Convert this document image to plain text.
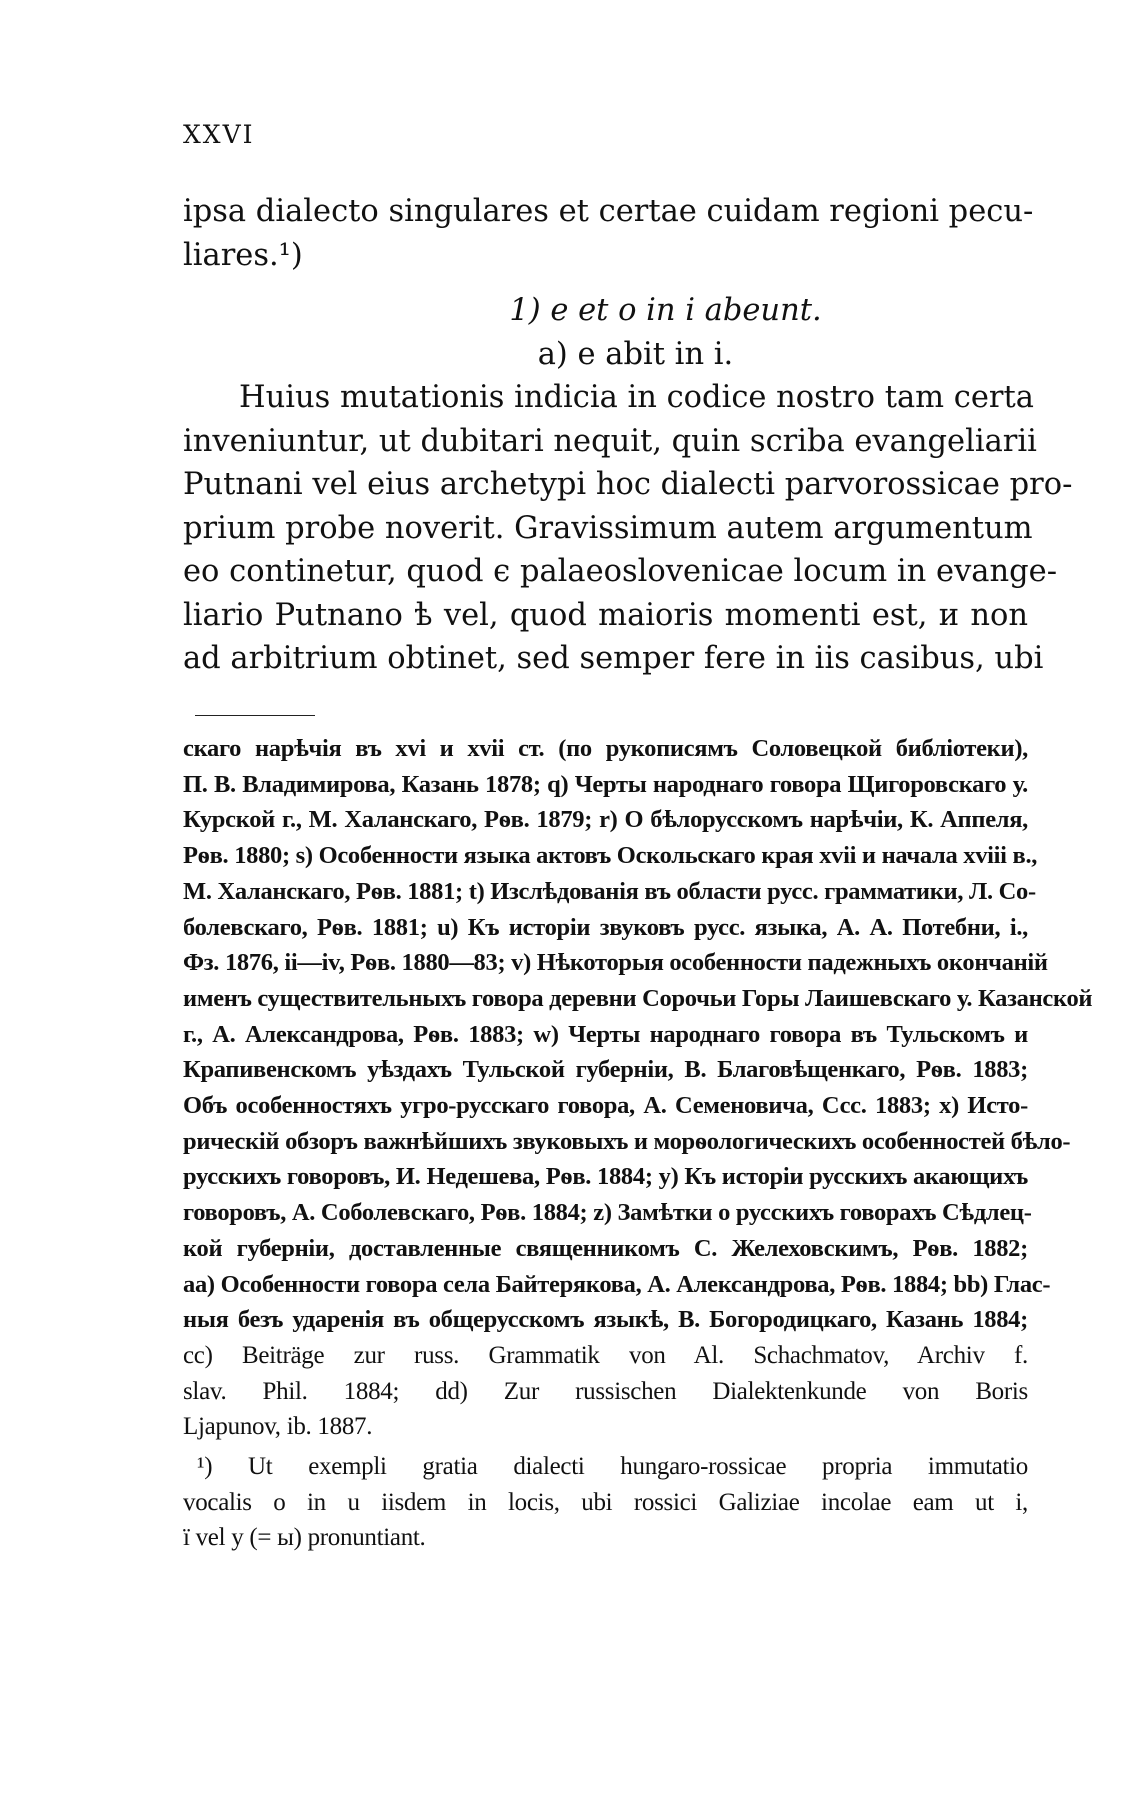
XXVI
ipsa dialecto singulares et certae cuidam regioni pecu-
liares.¹)
1) e et o in i abeunt.
a) e abit in i.
Huius mutationis indicia in codice nostro tam certa
inveniuntur, ut dubitari nequit, quin scriba evangeliarii
Putnani vel eius archetypi hoc dialecti parvorossicae pro-
prium probe noverit. Gravissimum autem argumentum
eo continetur, quod є palaeoslovenicae locum in evange-
liario Putnano ѣ vel, quod maioris momenti est, и non
ad arbitrium obtinet, sed semper fere in iis casibus, ubi
скаго нарѣчія въ xvi и xvii ст. (по рукописямъ Соловецкой библіотеки),
П. В. Владимирова, Казань 1878; q) Черты народнаго говора Щигоровскаго у.
Курской г., М. Халанскаго, Рѳв. 1879; r) О бѣлорусскомъ нарѣчіи, К. Аппеля,
Рѳв. 1880; s) Особенности языка актовъ Оскольскаго края xvii и начала xviii в.,
М. Халанскаго, Рѳв. 1881; t) Изслѣдованія въ области русс. грамматики, Л. Со-
болевскаго, Рѳв. 1881; u) Къ исторіи звуковъ русс. языка, А. А. Потебни, і.,
Фз. 1876, ii—iv, Рѳв. 1880—83; v) Нѣкоторыя особенности падежныхъ окончаній
именъ существительныхъ говора деревни Сорочьи Горы Лаишевскаго у. Казанской
г., А. Александрова, Рѳв. 1883; w) Черты народнаго говора въ Тульскомъ и
Крапивенскомъ уѣздахъ Тульской губерніи, В. Благовѣщенкаго, Рѳв. 1883;
Объ особенностяхъ угро-русскаго говора, А. Семеновича, Ссс. 1883; x) Исто-
рическій обзоръ важнѣйшихъ звуковыхъ и морѳологическихъ особенностей бѣло-
русскихъ говоровъ, И. Недешева, Рѳв. 1884; y) Къ исторіи русскихъ акающихъ
говоровъ, А. Соболевскаго, Рѳв. 1884; z) Замѣтки о русскихъ говорахъ Сѣдлец-
кой губерніи, доставленные священникомъ С. Желеховскимъ, Рѳв. 1882;
aa) Особенности говора села Байтерякова, А. Александрова, Рѳв. 1884; bb) Глас-
ныя безъ ударенія въ общерусскомъ языкѣ, В. Богородицкаго, Казань 1884;
cc) Beiträge zur russ. Grammatik von Al. Schachmatov, Archiv f.
slav. Phil. 1884; dd) Zur russischen Dialektenkunde von Boris
Ljapunov, ib. 1887.
¹) Ut exempli gratia dialecti hungaro-rossicae propria immutatio
vocalis o in u iisdem in locis, ubi rossici Galiziae incolae eam ut i,
ї vel y (= ы) pronuntiant.
